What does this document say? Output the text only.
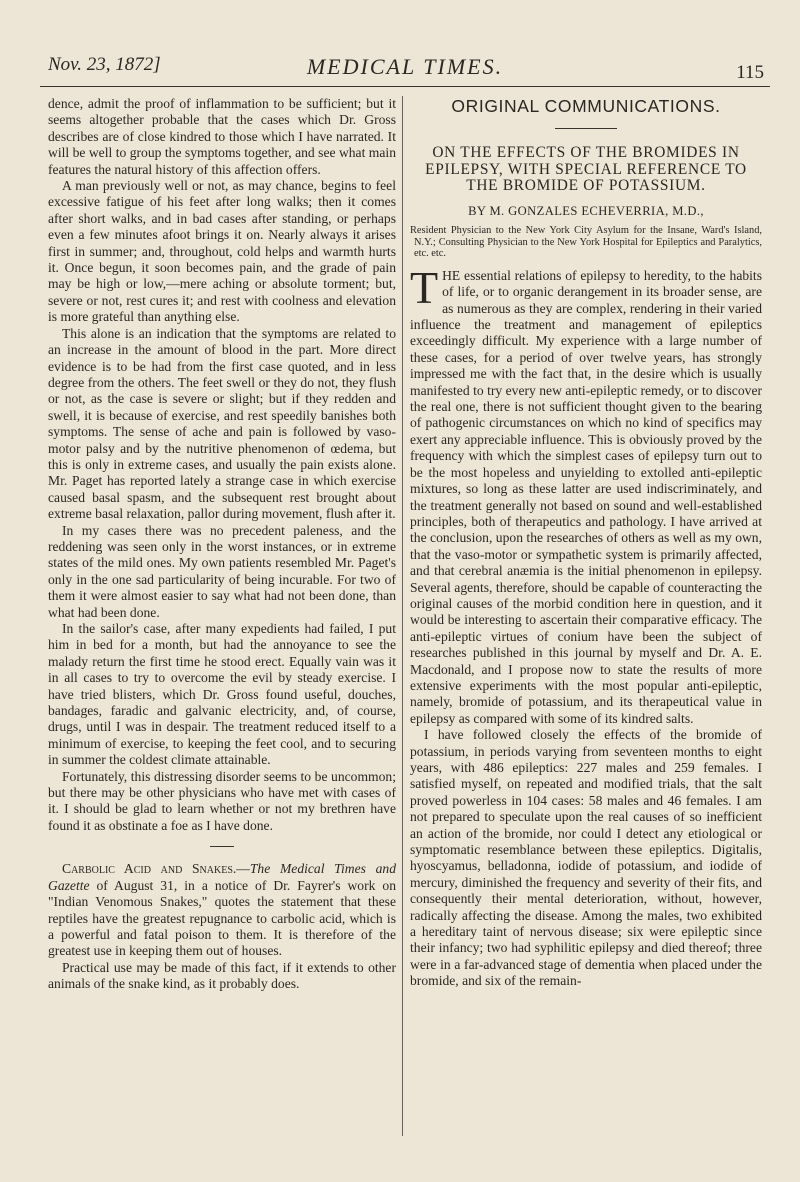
Nov. 23, 1872]	MEDICAL TIMES.	115

dence, admit the proof of inflammation to be sufficient; but it seems altogether probable that the cases which Dr. Gross describes are of close kindred to those which I have narrated. It will be well to group the symptoms together, and see what main features the natural history of this affection offers.

A man previously well or not, as may chance, begins to feel excessive fatigue of his feet after long walks; then it comes after short walks, and in bad cases after standing, or perhaps even a few minutes afoot brings it on. Nearly always it arises first in summer; and, throughout, cold helps and warmth hurts it. Once begun, it soon becomes pain, and the grade of pain may be high or low,—mere aching or absolute torment; but, severe or not, rest cures it; and rest with coolness and elevation is more grateful than anything else.

This alone is an indication that the symptoms are related to an increase in the amount of blood in the part. More direct evidence is to be had from the first case quoted, and in less degree from the others. The feet swell or they do not, they flush or not, as the case is severe or slight; but if they redden and swell, it is because of exercise, and rest speedily banishes both symptoms. The sense of ache and pain is followed by vaso-motor palsy and by the nutritive phenomenon of œdema, but this is only in extreme cases, and usually the pain exists alone. Mr. Paget has reported lately a strange case in which exercise caused basal spasm, and the subsequent rest brought about extreme basal relaxation, pallor during movement, flush after it.

In my cases there was no precedent paleness, and the reddening was seen only in the worst instances, or in extreme states of the mild ones. My own patients resembled Mr. Paget's only in the one sad particularity of being incurable. For two of them it were almost easier to say what had not been done, than what had been done.

In the sailor's case, after many expedients had failed, I put him in bed for a month, but had the annoyance to see the malady return the first time he stood erect. Equally vain was it in all cases to try to overcome the evil by steady exercise. I have tried blisters, which Dr. Gross found useful, douches, bandages, faradic and galvanic electricity, and, of course, drugs, until I was in despair. The treatment reduced itself to a minimum of exercise, to keeping the feet cool, and to securing in summer the coldest climate attainable.

Fortunately, this distressing disorder seems to be uncommon; but there may be other physicians who have met with cases of it. I should be glad to learn whether or not my brethren have found it as obstinate a foe as I have done.

Carbolic Acid and Snakes.—The Medical Times and Gazette of August 31, in a notice of Dr. Fayrer's work on "Indian Venomous Snakes," quotes the statement that these reptiles have the greatest repugnance to carbolic acid, which is a powerful and fatal poison to them. It is therefore of the greatest use in keeping them out of houses.

Practical use may be made of this fact, if it extends to other animals of the snake kind, as it probably does.

ORIGINAL COMMUNICATIONS.
ON THE EFFECTS OF THE BROMIDES IN EPILEPSY, WITH SPECIAL REFERENCE TO THE BROMIDE OF POTASSIUM.
BY M. GONZALES ECHEVERRIA, M.D.,
Resident Physician to the New York City Asylum for the Insane, Ward's Island, N.Y.; Consulting Physician to the New York Hospital for Epileptics and Paralytics, etc. etc.

THE essential relations of epilepsy to heredity, to the habits of life, or to organic derangement in its broader sense, are as numerous as they are complex, rendering in their varied influence the treatment and management of epileptics exceedingly difficult. My experience with a large number of these cases, for a period of over twelve years, has strongly impressed me with the fact that, in the desire which is usually manifested to try every new anti-epileptic remedy, or to discover the real one, there is not sufficient thought given to the bearing of pathogenic circumstances on which no kind of specifics may exert any appreciable influence. This is obviously proved by the frequency with which the simplest cases of epilepsy turn out to be the most hopeless and unyielding to extolled anti-epileptic mixtures, so long as these latter are used indiscriminately, and the treatment generally not based on sound and well-established principles, both of therapeutics and pathology. I have arrived at the conclusion, upon the researches of others as well as my own, that the vaso-motor or sympathetic system is primarily affected, and that cerebral anæmia is the initial phenomenon in epilepsy. Several agents, therefore, should be capable of counteracting the original causes of the morbid condition here in question, and it would be interesting to ascertain their comparative efficacy. The anti-epileptic virtues of conium have been the subject of researches published in this journal by myself and Dr. A. E. Macdonald, and I propose now to state the results of more extensive experiments with the most popular anti-epileptic, namely, bromide of potassium, and its therapeutical value in epilepsy as compared with some of its kindred salts.

I have followed closely the effects of the bromide of potassium, in periods varying from seventeen months to eight years, with 486 epileptics: 227 males and 259 females. I satisfied myself, on repeated and modified trials, that the salt proved powerless in 104 cases: 58 males and 46 females. I am not prepared to speculate upon the real causes of so inefficient an action of the bromide, nor could I detect any etiological or symptomatic resemblance between these epileptics. Digitalis, hyoscyamus, belladonna, iodide of potassium, and iodide of mercury, diminished the frequency and severity of their fits, and consequently their mental deterioration, without, however, radically affecting the disease. Among the males, two exhibited a hereditary taint of nervous disease; six were epileptic since their infancy; two had syphilitic epilepsy and died thereof; three were in a far-advanced stage of dementia when placed under the bromide, and six of the remain-
